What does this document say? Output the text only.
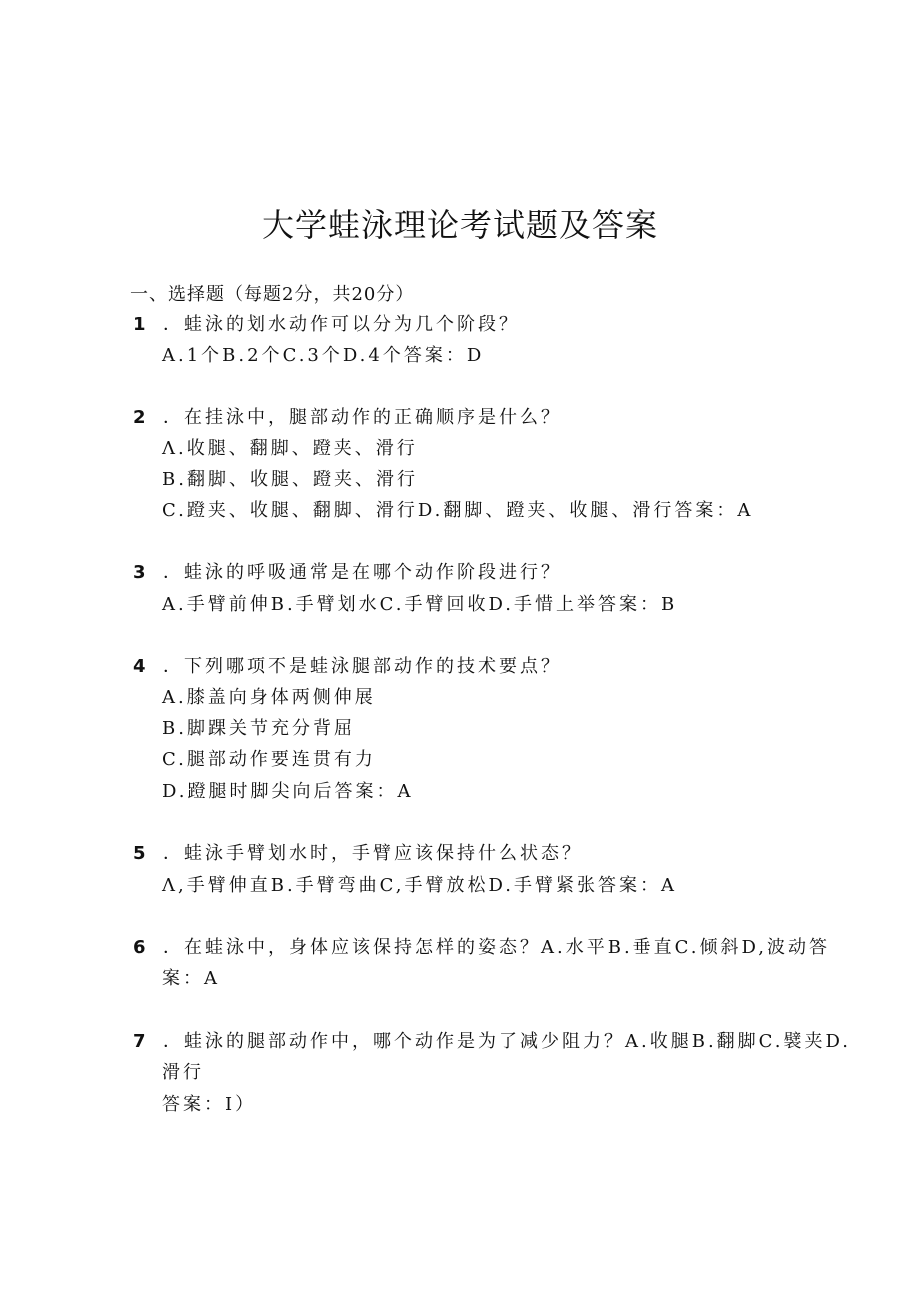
大学蛙泳理论考试题及答案
一、选择题（每题2分，共20分）
1 ．蛙泳的划水动作可以分为几个阶段？
A.1个B.2个C.3个D.4个答案：D
2 ．在挂泳中，腿部动作的正确顺序是什么？
Λ.收腿、翻脚、蹬夹、滑行
B.翻脚、收腿、蹬夹、滑行
C.蹬夹、收腿、翻脚、滑行D.翻脚、蹬夹、收腿、滑行答案：A
3 ．蛙泳的呼吸通常是在哪个动作阶段进行？
A.手臂前伸B.手臂划水C.手臂回收D.手惜上举答案：B
4 ．下列哪项不是蛙泳腿部动作的技术要点？
A.膝盖向身体两侧伸展
B.脚踝关节充分背屈
C.腿部动作要连贯有力
D.蹬腿时脚尖向后答案：A
5 ．蛙泳手臂划水时，手臂应该保持什么状态？
Λ,手臂伸直B.手臂弯曲C,手臂放松D.手臂紧张答案：A
6 ．在蛙泳中，身体应该保持怎样的姿态？A.水平B.垂直C.倾斜D,波动答
案：A
7 ．蛙泳的腿部动作中，哪个动作是为了减少阻力？A.收腿B.翻脚C.襞夹D.
滑行
答案：I）
